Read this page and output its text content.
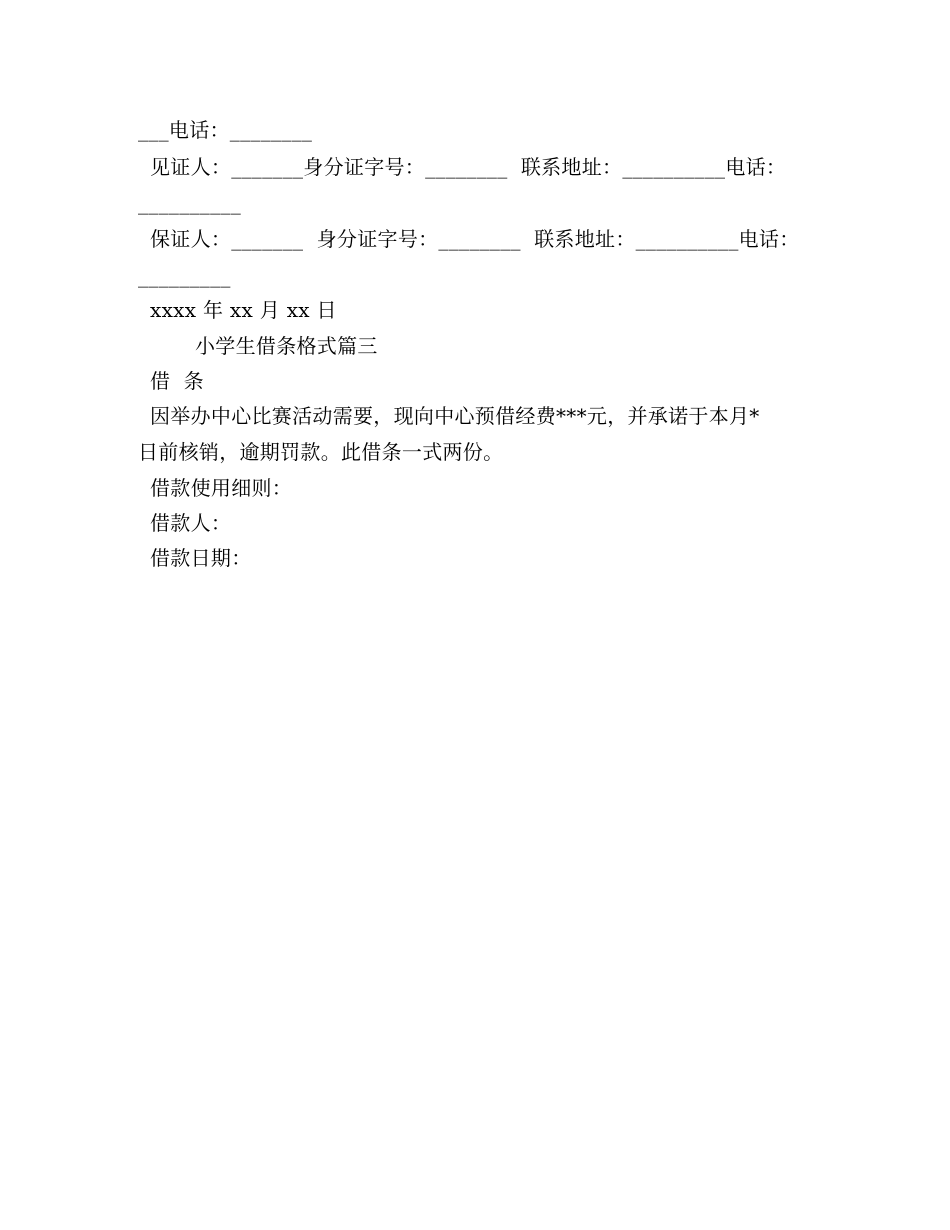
___电话：________
见证人：_______身分证字号：________  联系地址：__________电话：
__________
保证人：_______  身分证字号：________  联系地址：__________电话：
_________
xxxx 年 xx 月 xx 日
小学生借条格式篇三
借  条
因举办中心比赛活动需要，现向中心预借经费***元，并承诺于本月*
日前核销，逾期罚款。此借条一式两份。
借款使用细则：
借款人：
借款日期：
